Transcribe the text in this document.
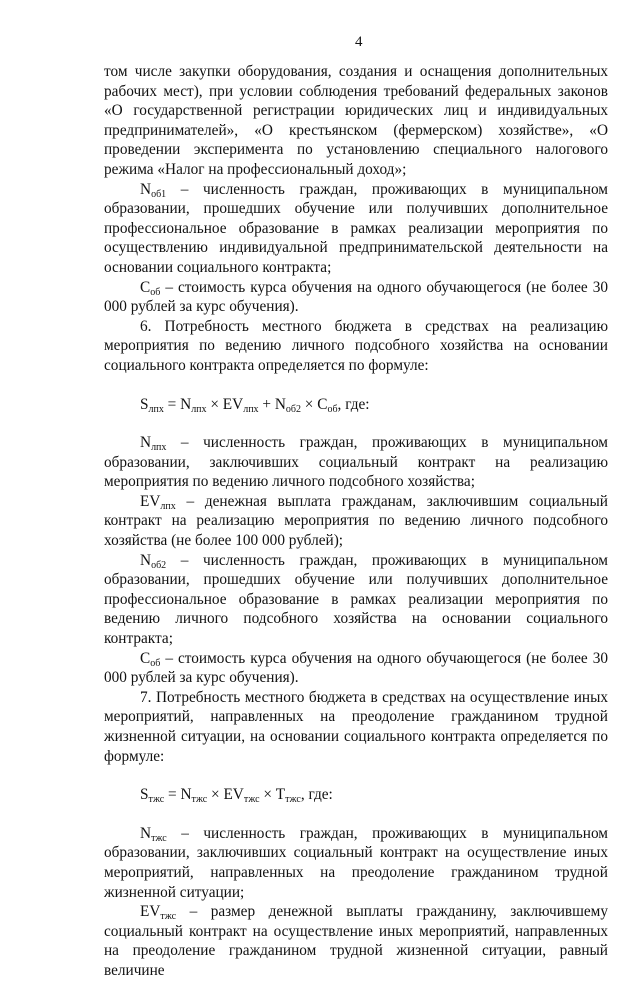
4

том числе закупки оборудования, создания и оснащения дополнительных рабочих мест), при условии соблюдения требований федеральных законов «О государственной регистрации юридических лиц и индивидуальных предпринимателей», «О крестьянском (фермерском) хозяйстве», «О проведении эксперимента по установлению специального налогового режима «Налог на профессиональный доход»;

$N_{об1}$ – численность граждан, проживающих в муниципальном образовании, прошедших обучение или получивших дополнительное профессиональное образование в рамках реализации мероприятия по осуществлению индивидуальной предпринимательской деятельности на основании социального контракта;

$С_{об}$ – стоимость курса обучения на одного обучающегося (не более 30 000 рублей за курс обучения).

6. Потребность местного бюджета в средствах на реализацию мероприятия по ведению личного подсобного хозяйства на основании социального контракта определяется по формуле:

$S_{лпх} = N_{лпх} \times EV_{лпх} + N_{об2} \times С_{об}$, где:

$N_{лпх}$ – численность граждан, проживающих в муниципальном образовании, заключивших социальный контракт на реализацию мероприятия по ведению личного подсобного хозяйства;

$EV_{лпх}$ – денежная выплата гражданам, заключившим социальный контракт на реализацию мероприятия по ведению личного подсобного хозяйства (не более 100 000 рублей);

$N_{об2}$ – численность граждан, проживающих в муниципальном образовании, прошедших обучение или получивших дополнительное профессиональное образование в рамках реализации мероприятия по ведению личного подсобного хозяйства на основании социального контракта;

$С_{об}$ – стоимость курса обучения на одного обучающегося (не более 30 000 рублей за курс обучения).

7. Потребность местного бюджета в средствах на осуществление иных мероприятий, направленных на преодоление гражданином трудной жизненной ситуации, на основании социального контракта определяется по формуле:

$S_{тжс} = N_{тжс} \times EV_{тжс} \times T_{тжс}$, где:

$N_{тжс}$ – численность граждан, проживающих в муниципальном образовании, заключивших социальный контракт на осуществление иных мероприятий, направленных на преодоление гражданином трудной жизненной ситуации;

$EV_{тжс}$ – размер денежной выплаты гражданину, заключившему социальный контракт на осуществление иных мероприятий, направленных на преодоление гражданином трудной жизненной ситуации, равный величине
